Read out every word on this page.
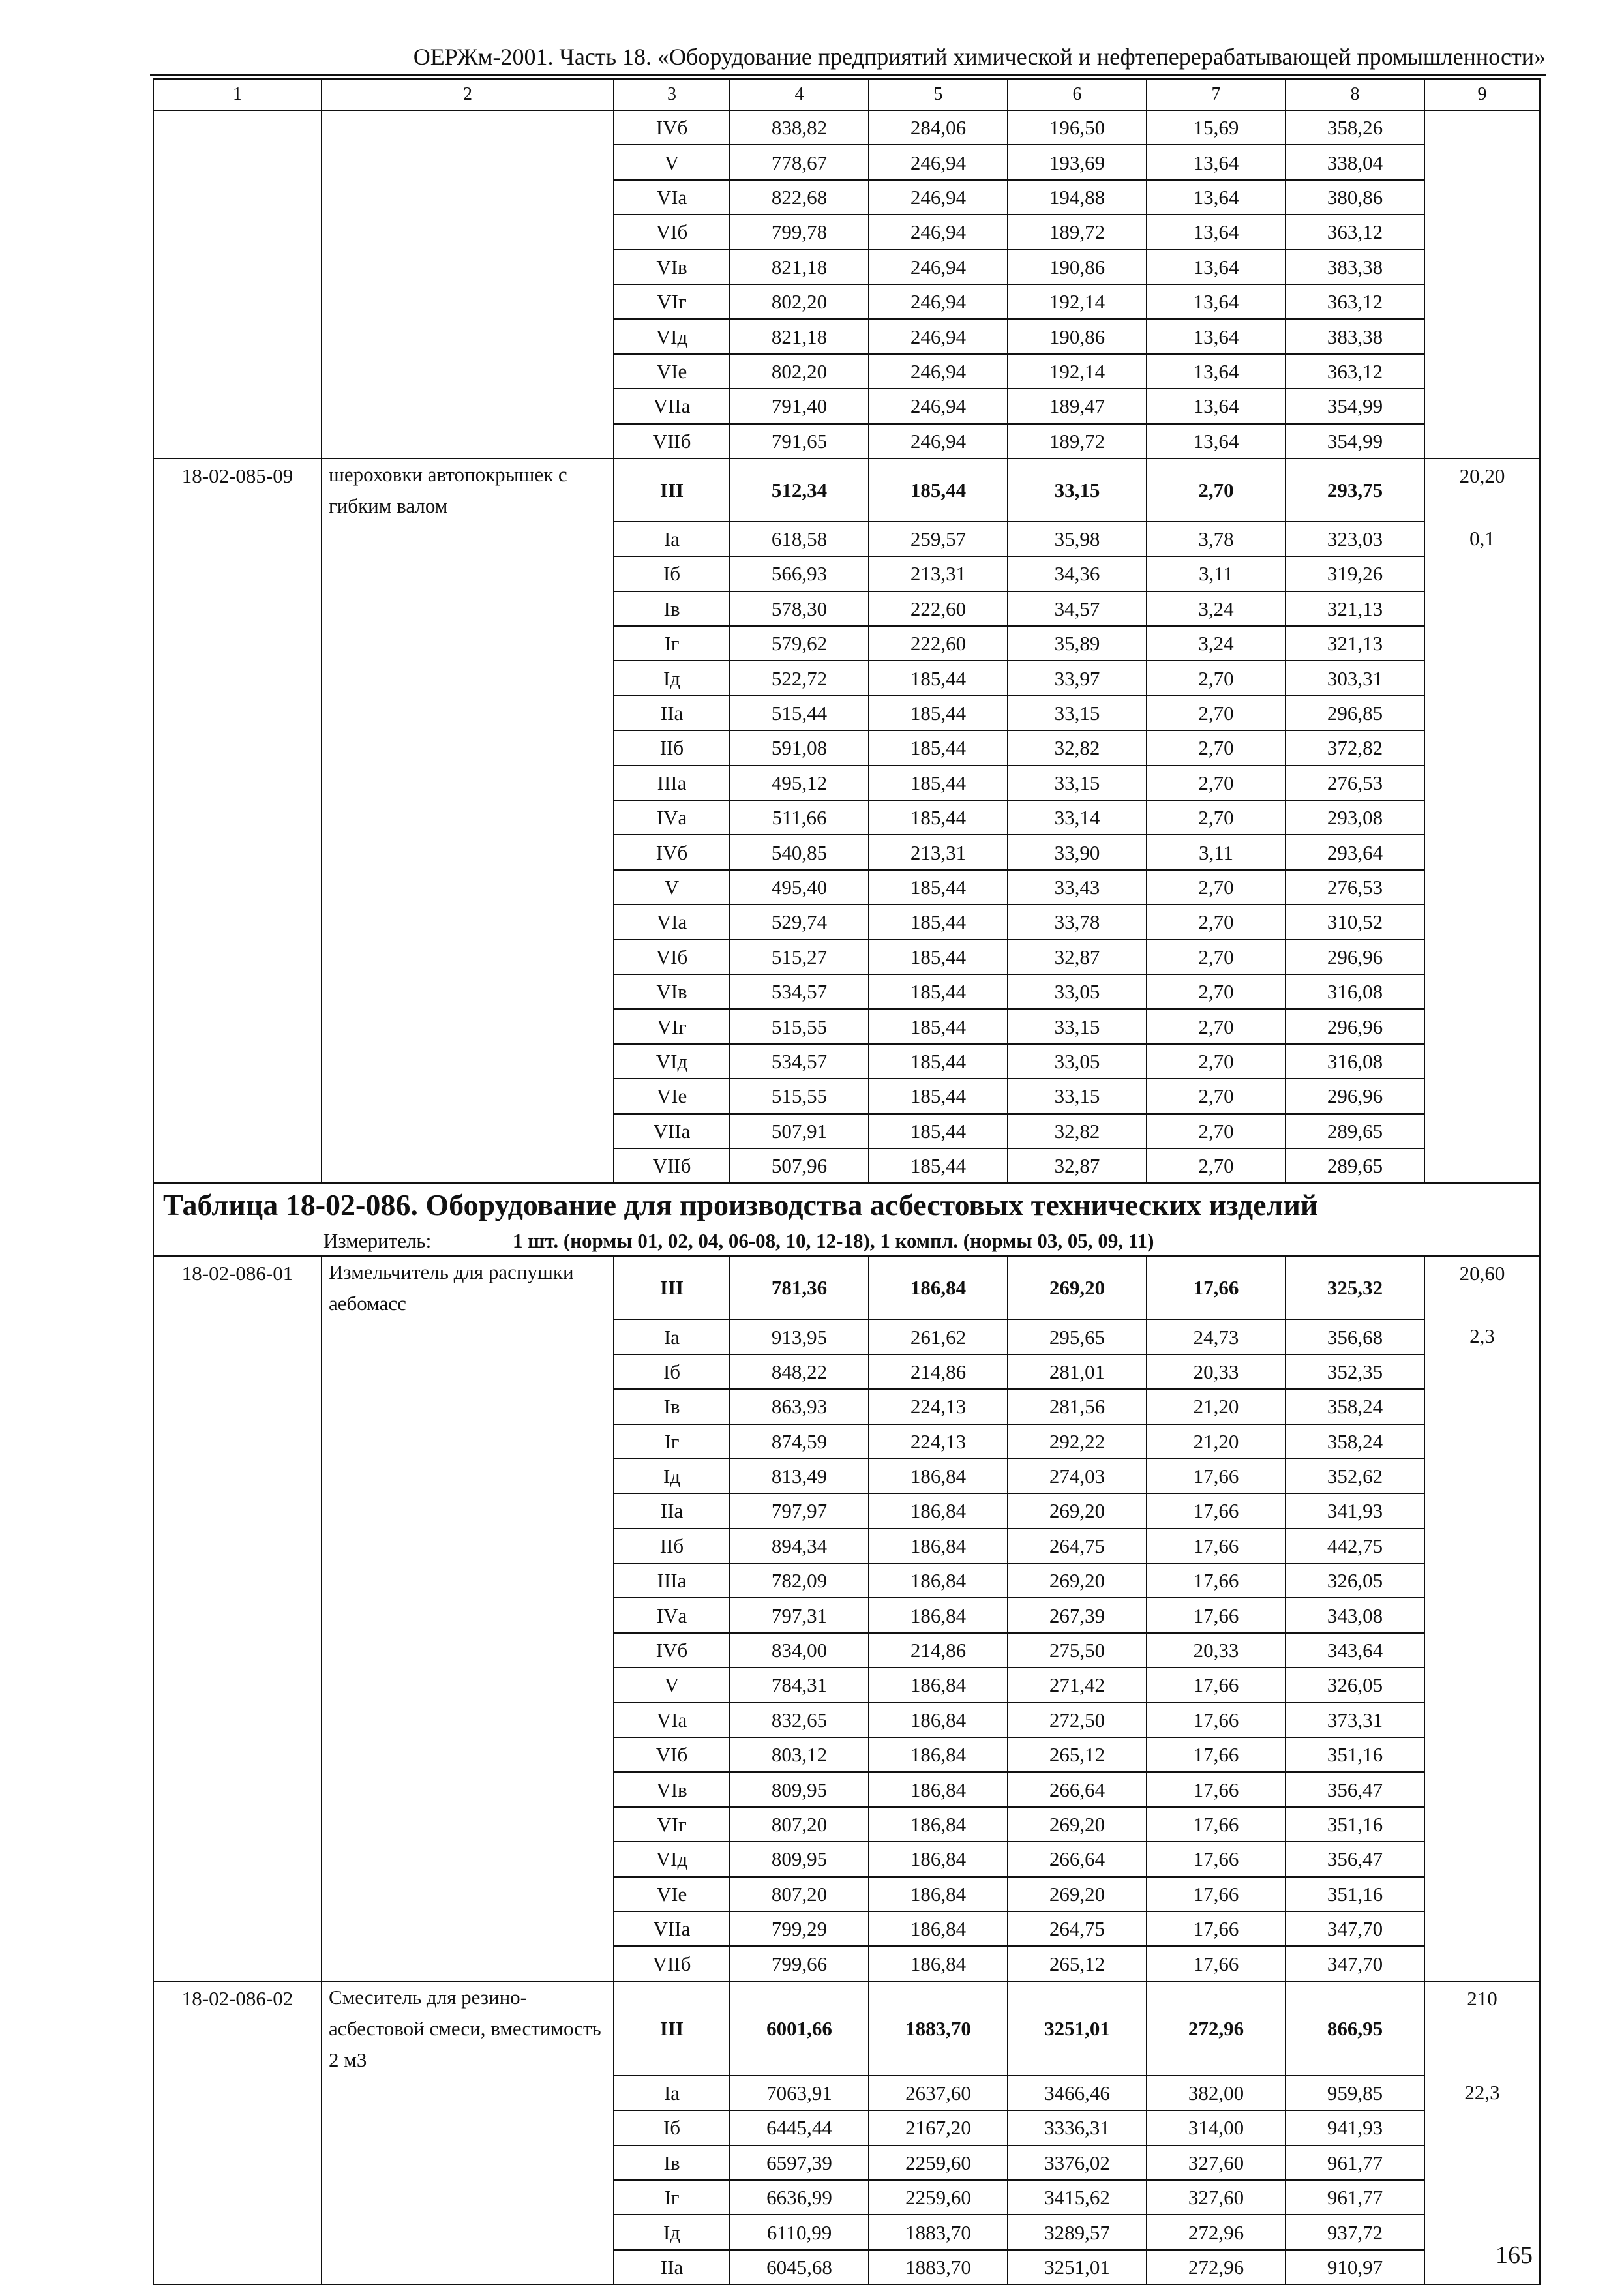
ОЕРЖм-2001. Часть 18. «Оборудование предприятий химической и нефтеперерабатывающей промышленности»
1	2	3	4	5	6	7	8	9
		IVб	838,82	284,06	196,50	15,69	358,26	
		V	778,67	246,94	193,69	13,64	338,04	
		VIа	822,68	246,94	194,88	13,64	380,86	
		VIб	799,78	246,94	189,72	13,64	363,12	
		VIв	821,18	246,94	190,86	13,64	383,38	
		VIг	802,20	246,94	192,14	13,64	363,12	
		VIд	821,18	246,94	190,86	13,64	383,38	
		VIе	802,20	246,94	192,14	13,64	363,12	
		VIIа	791,40	246,94	189,47	13,64	354,99	
		VIIб	791,65	246,94	189,72	13,64	354,99	
18-02-085-09	шероховки автопокрышек с гибким валом	III	512,34	185,44	33,15	2,70	293,75	20,20
		Iа	618,58	259,57	35,98	3,78	323,03	0,1
		Iб	566,93	213,31	34,36	3,11	319,26	
		Iв	578,30	222,60	34,57	3,24	321,13	
		Iг	579,62	222,60	35,89	3,24	321,13	
		Iд	522,72	185,44	33,97	2,70	303,31	
		IIа	515,44	185,44	33,15	2,70	296,85	
		IIб	591,08	185,44	32,82	2,70	372,82	
		IIIа	495,12	185,44	33,15	2,70	276,53	
		IVа	511,66	185,44	33,14	2,70	293,08	
		IVб	540,85	213,31	33,90	3,11	293,64	
		V	495,40	185,44	33,43	2,70	276,53	
		VIа	529,74	185,44	33,78	2,70	310,52	
		VIб	515,27	185,44	32,87	2,70	296,96	
		VIв	534,57	185,44	33,05	2,70	316,08	
		VIг	515,55	185,44	33,15	2,70	296,96	
		VIд	534,57	185,44	33,05	2,70	316,08	
		VIе	515,55	185,44	33,15	2,70	296,96	
		VIIа	507,91	185,44	32,82	2,70	289,65	
		VIIб	507,96	185,44	32,87	2,70	289,65	
Таблица 18-02-086. Оборудование для производства асбестовых технических изделий								
Измеритель: 1 шт. (нормы 01, 02, 04, 06-08, 10, 12-18), 1 компл. (нормы 03, 05, 09, 11)								
18-02-086-01	Измельчитель для распушки аебомасс	III	781,36	186,84	269,20	17,66	325,32	20,60
		Iа	913,95	261,62	295,65	24,73	356,68	2,3
		Iб	848,22	214,86	281,01	20,33	352,35	
		Iв	863,93	224,13	281,56	21,20	358,24	
		Iг	874,59	224,13	292,22	21,20	358,24	
		Iд	813,49	186,84	274,03	17,66	352,62	
		IIа	797,97	186,84	269,20	17,66	341,93	
		IIб	894,34	186,84	264,75	17,66	442,75	
		IIIа	782,09	186,84	269,20	17,66	326,05	
		IVа	797,31	186,84	267,39	17,66	343,08	
		IVб	834,00	214,86	275,50	20,33	343,64	
		V	784,31	186,84	271,42	17,66	326,05	
		VIа	832,65	186,84	272,50	17,66	373,31	
		VIб	803,12	186,84	265,12	17,66	351,16	
		VIв	809,95	186,84	266,64	17,66	356,47	
		VIг	807,20	186,84	269,20	17,66	351,16	
		VIд	809,95	186,84	266,64	17,66	356,47	
		VIе	807,20	186,84	269,20	17,66	351,16	
		VIIа	799,29	186,84	264,75	17,66	347,70	
		VIIб	799,66	186,84	265,12	17,66	347,70	
18-02-086-02	Смеситель для резино-асбестовой смеси, вместимость 2 м3	III	6001,66	1883,70	3251,01	272,96	866,95	210
		Iа	7063,91	2637,60	3466,46	382,00	959,85	22,3
		Iб	6445,44	2167,20	3336,31	314,00	941,93	
		Iв	6597,39	2259,60	3376,02	327,60	961,77	
		Iг	6636,99	2259,60	3415,62	327,60	961,77	
		Iд	6110,99	1883,70	3289,57	272,96	937,72	
		IIа	6045,68	1883,70	3251,01	272,96	910,97		165
